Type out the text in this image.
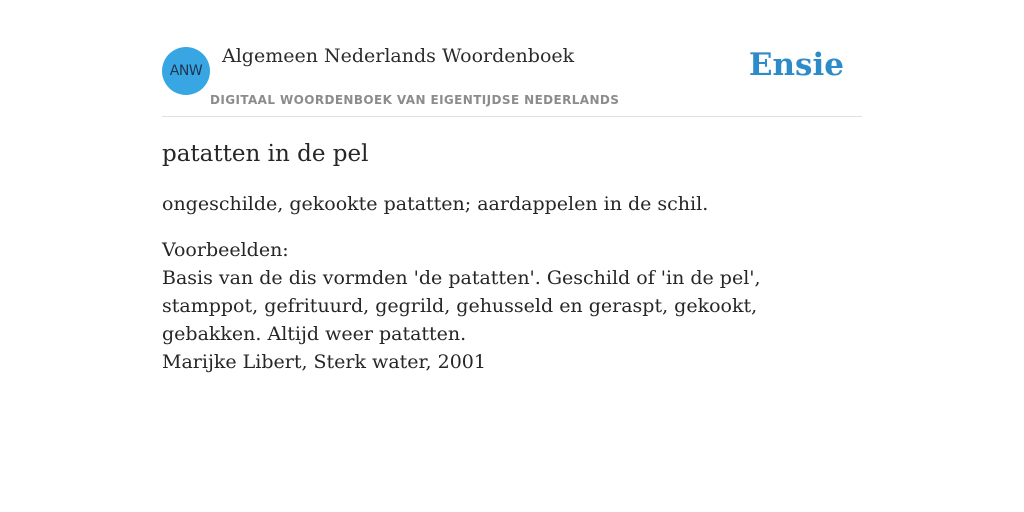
ANW
Algemeen Nederlands Woordenboek
DIGITAAL WOORDENBOEK VAN EIGENTIJDSE NEDERLANDS
Ensie
patatten in de pel

ongeschilde, gekookte patatten; aardappelen in de schil.

Voorbeelden:
Basis van de dis vormden 'de patatten'. Geschild of 'in de pel', stamppot, gefrituurd, gegrild, gehusseld en geraspt, gekookt, gebakken. Altijd weer patatten.
Marijke Libert, Sterk water, 2001
